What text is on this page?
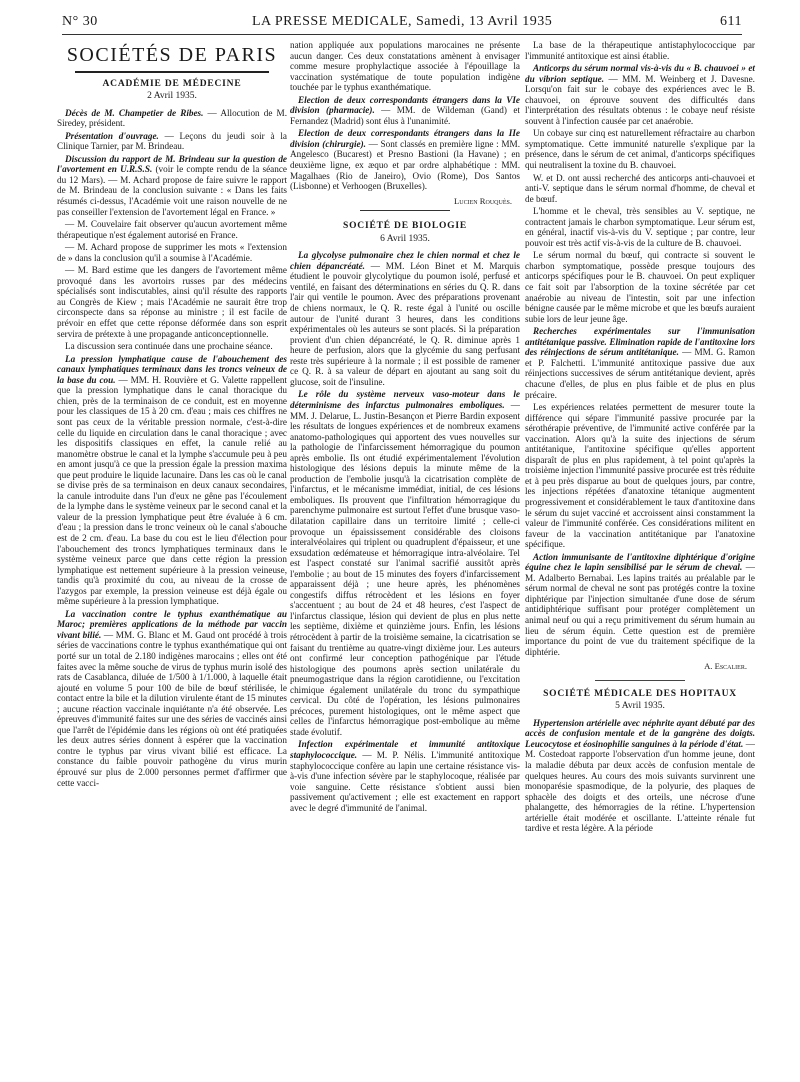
N° 30	LA PRESSE MEDICALE, Samedi, 13 Avril 1935	611
SOCIÉTÉS DE PARIS
ACADÉMIE DE MÉDECINE
2 Avril 1935.

Décès de M. Champetier de Ribes. — Allocution de M. Siredey, président.

Présentation d'ouvrage. — Leçons du jeudi soir à la Clinique Tarnier, par M. Brindeau.

Discussion du rapport de M. Brindeau sur la question de l'avortement en U.R.S.S. (voir le compte rendu de la séance du 12 Mars). — M. Achard propose de faire suivre le rapport de M. Brindeau de la conclusion suivante : « Dans les faits résumés ci-dessus, l'Académie voit une raison nouvelle de ne pas conseiller l'extension de l'avortement légal en France. »

— M. Couvelaire fait observer qu'aucun avortement même thérapeutique n'est également autorisé en France.

— M. Achard propose de supprimer les mots « l'extension de » dans la conclusion qu'il a soumise à l'Académie.

— M. Bard estime que les dangers de l'avortement même provoqué dans les avortoirs russes par des médecins spécialisés sont indiscutables, ainsi qu'il résulte des rapports au Congrès de Kiew ; mais l'Académie ne saurait être trop circonspecte dans sa réponse au ministre ; il est facile de prévoir en effet que cette réponse déformée dans son esprit servira de prétexte à une propagande anticonceptionnelle.

La discussion sera continuée dans une prochaine séance.

La pression lymphatique cause de l'abouchement des canaux lymphatiques terminaux dans les troncs veineux de la base du cou. — MM. H. Rouvière et G. Valette rappellent que la pression lymphatique dans le canal thoracique du chien, près de la terminaison de ce conduit, est en moyenne pour les classiques de 15 à 20 cm. d'eau ; mais ces chiffres ne sont pas ceux de la véritable pression normale, c'est-à-dire celle du liquide en circulation dans le canal thoracique ; avec les dispositifs classiques en effet, la canule relié au manomètre obstrue le canal et la lymphe s'accumule peu à peu en amont jusqu'à ce que la pression égale la pression maxima que peut produire le liquide lacunaire. Dans les cas où le canal se divise près de sa terminaison en deux canaux secondaires, la canule introduite dans l'un d'eux ne gêne pas l'écoulement de la lymphe dans le système veineux par le second canal et la valeur de la pression lymphatique peut être évaluée à 6 cm. d'eau ; la pression dans le tronc veineux où le canal s'abouche est de 2 cm. d'eau. La base du cou est le lieu d'élection pour l'abouchement des troncs lymphatiques terminaux dans le système veineux parce que dans cette région la pression lymphatique est nettement supérieure à la pression veineuse, tandis qu'à proximité du cou, au niveau de la crosse de l'azygos par exemple, la pression veineuse est déjà égale ou même supérieure à la pression lymphatique.

La vaccination contre le typhus exanthématique au Maroc; premières applications de la méthode par vaccin vivant bilié. — MM. G. Blanc et M. Gaud ont procédé à trois séries de vaccinations contre le typhus exanthématique qui ont porté sur un total de 2.180 indigènes marocains ; elles ont été faites avec la même souche de virus de typhus murin isolé des rats de Casablanca, diluée de 1/500 à 1/1.000, à laquelle était ajouté en volume 5 pour 100 de bile de bœuf stérilisée, le contact entre la bile et la dilution virulente étant de 15 minutes ; aucune réaction vaccinale inquiétante n'a été observée. Les épreuves d'immunité faites sur une des séries de vaccinés ainsi que l'arrêt de l'épidémie dans les régions où ont été pratiquées les deux autres séries donnent à espérer que la vaccination contre le typhus par virus vivant bilié est efficace. La constance du faible pouvoir pathogène du virus murin éprouvé sur plus de 2.000 personnes permet d'affirmer que cette vacci-

nation appliquée aux populations marocaines ne présente aucun danger. Ces deux constatations amènent à envisager comme mesure prophylactique associée à l'épouillage la vaccination systématique de toute population indigène touchée par le typhus exanthématique.

Election de deux correspondants étrangers dans la VIe division (pharmacie). — MM. de Wildeman (Gand) et Fernandez (Madrid) sont élus à l'unanimité.

Election de deux correspondants étrangers dans la IIe division (chirurgie). — Sont classés en première ligne : MM. Angelesco (Bucarest) et Presno Bastioni (la Havane) ; en deuxième ligne, ex æquo et par ordre alphabétique : MM. Magalhaes (Rio de Janeiro), Ovio (Rome), Dos Santos (Lisbonne) et Verhoogen (Bruxelles).

Lucien Rouquès.
SOCIÉTÉ DE BIOLOGIE
6 Avril 1935.

La glycolyse pulmonaire chez le chien normal et chez le chien dépancréaté. — MM. Léon Binet et M. Marquis étudient le pouvoir glycolytique du poumon isolé, perfusé et ventilé, en faisant des déterminations en séries du Q. R. dans l'air qui ventile le poumon. Avec des préparations provenant de chiens normaux, le Q. R. reste égal à l'unité ou oscille autour de l'unité durant 3 heures, dans les conditions expérimentales où les auteurs se sont placés. Si la préparation provient d'un chien dépancréaté, le Q. R. diminue après 1 heure de perfusion, alors que la glycémie du sang perfusant reste très supérieure à la normale ; il est possible de ramener ce Q. R. à sa valeur de départ en ajoutant au sang soit du glucose, soit de l'insuline.

Le rôle du système nerveux vaso-moteur dans le déterminisme des infarctus pulmonaires emboliques. — MM. J. Delarue, L. Justin-Besançon et Pierre Bardin exposent les résultats de longues expériences et de nombreux examens anatomo-pathologiques qui apportent des vues nouvelles sur la pathologie de l'infarcissement hémorragique du poumon après embolie. Ils ont étudié expérimentalement l'évolution histologique des lésions depuis la minute même de la production de l'embolie jusqu'à la cicatrisation complète de l'infarctus, et le mécanisme immédiat, initial, de ces lésions emboliques. Ils prouvent que l'infiltration hémorragique du parenchyme pulmonaire est surtout l'effet d'une brusque vaso-dilatation capillaire dans un territoire limité ; celle-ci provoque un épaississement considérable des cloisons interalvéolaires qui triplent ou quadruplent d'épaisseur, et une exsudation œdémateuse et hémorragique intra-alvéolaire. Tel est l'aspect constaté sur l'animal sacrifié aussitôt après l'embolie ; au bout de 15 minutes des foyers d'infarcissement apparaissent déjà ; une heure après, les phénomènes congestifs diffus rétrocèdent et les lésions en foyer s'accentuent ; au bout de 24 et 48 heures, c'est l'aspect de l'infarctus classique, lésion qui devient de plus en plus nette les septième, dixième et quinzième jours. Enfin, les lésions rétrocèdent à partir de la troisième semaine, la cicatrisation se faisant du trentième au quatre-vingt dixième jour. Les auteurs ont confirmé leur conception pathogénique par l'étude histologique des poumons après section unilatérale du pneumogastrique dans la région carotidienne, ou l'excitation chimique également unilatérale du tronc du sympathique cervical. Du côté de l'opération, les lésions pulmonaires précoces, purement histologiques, ont le même aspect que celles de l'infarctus hémorragique post-embolique au même stade évolutif.

Infection expérimentale et immunité antitoxique staphylococcique. — M. P. Nélis. L'immunité antitoxique staphylococcique confère au lapin une certaine résistance vis-à-vis d'une infection sévère par le staphylocoque, réalisée par voie sanguine. Cette résistance s'obtient aussi bien passivement qu'activement ; elle est exactement en rapport avec le degré d'immunité de l'animal.

La base de la thérapeutique antistaphylococcique par l'immunité antitoxique est ainsi établie.

Anticorps du sérum normal vis-à-vis du « B. chauvoei » et du vibrion septique. — MM. M. Weinberg et J. Davesne. Lorsqu'on fait sur le cobaye des expériences avec le B. chauvoei, on éprouve souvent des difficultés dans l'interprétation des résultats obtenus : le cobaye neuf résiste souvent à l'infection causée par cet anaérobie.

Un cobaye sur cinq est naturellement réfractaire au charbon symptomatique. Cette immunité naturelle s'explique par la présence, dans le sérum de cet animal, d'anticorps spécifiques qui neutralisent la toxine du B. chauvoei.

W. et D. ont aussi recherché des anticorps anti-chauvoei et anti-V. septique dans le sérum normal d'homme, de cheval et de bœuf.

L'homme et le cheval, très sensibles au V. septique, ne contractent jamais le charbon symptomatique. Leur sérum est, en général, inactif vis-à-vis du V. septique ; par contre, leur pouvoir est très actif vis-à-vis de la culture de B. chauvoei.

Le sérum normal du bœuf, qui contracte si souvent le charbon symptomatique, possède presque toujours des anticorps spécifiques pour le B. chauvoei. On peut expliquer ce fait soit par l'absorption de la toxine sécrétée par cet anaérobie au niveau de l'intestin, soit par une infection bénigne causée par le même microbe et que les bœufs auraient subie lors de leur jeune âge.

Recherches expérimentales sur l'immunisation antitétanique passive. Elimination rapide de l'antitoxine lors des réinjections de sérum antitétanique. — MM. G. Ramon et P. Falchetti. L'immunité antitoxique passive due aux réinjections successives de sérum antitétanique devient, après chacune d'elles, de plus en plus faible et de plus en plus précaire.

Les expériences relatées permettent de mesurer toute la différence qui sépare l'immunité passive procurée par la sérothérapie préventive, de l'immunité active conférée par la vaccination. Alors qu'à la suite des injections de sérum antitétanique, l'antitoxine spécifique qu'elles apportent disparaît de plus en plus rapidement, à tel point qu'après la troisième injection l'immunité passive procurée est très réduite et à peu près disparue au bout de quelques jours, par contre, les injections répétées d'anatoxine tétanique augmentent progressivement et considérablement le taux d'antitoxine dans le sérum du sujet vacciné et accroissent ainsi constamment la valeur de l'immunité conférée. Ces considérations militent en faveur de la vaccination antitétanique par l'anatoxine spécifique.

Action immunisante de l'antitoxine diphtérique d'origine équine chez le lapin sensibilisé par le sérum de cheval. — M. Adalberto Bernabai. Les lapins traités au préalable par le sérum normal de cheval ne sont pas protégés contre la toxine diphtérique par l'injection simultanée d'une dose de sérum antidiphtérique suffisant pour protéger complètement un animal neuf ou qui a reçu primitivement du sérum humain au lieu de sérum équin. Cette question est de première importance du point de vue du traitement spécifique de la diphtérie.

A. Escalier.
SOCIÉTÉ MÉDICALE DES HOPITAUX
5 Avril 1935.

Hypertension artérielle avec néphrite ayant débuté par des accès de confusion mentale et de la gangrène des doigts. Leucocytose et éosinophilie sanguines à la période d'état. — M. Costedoat rapporte l'observation d'un homme jeune, dont la maladie débuta par deux accès de confusion mentale de quelques heures. Au cours des mois suivants survinrent une monoparésie spasmodique, de la polyurie, des plaques de sphacèle des doigts et des orteils, une nécrose d'une phalangette, des hémorragies de la rétine. L'hypertension artérielle était modérée et oscillante. L'atteinte rénale fut tardive et resta légère. A la période
